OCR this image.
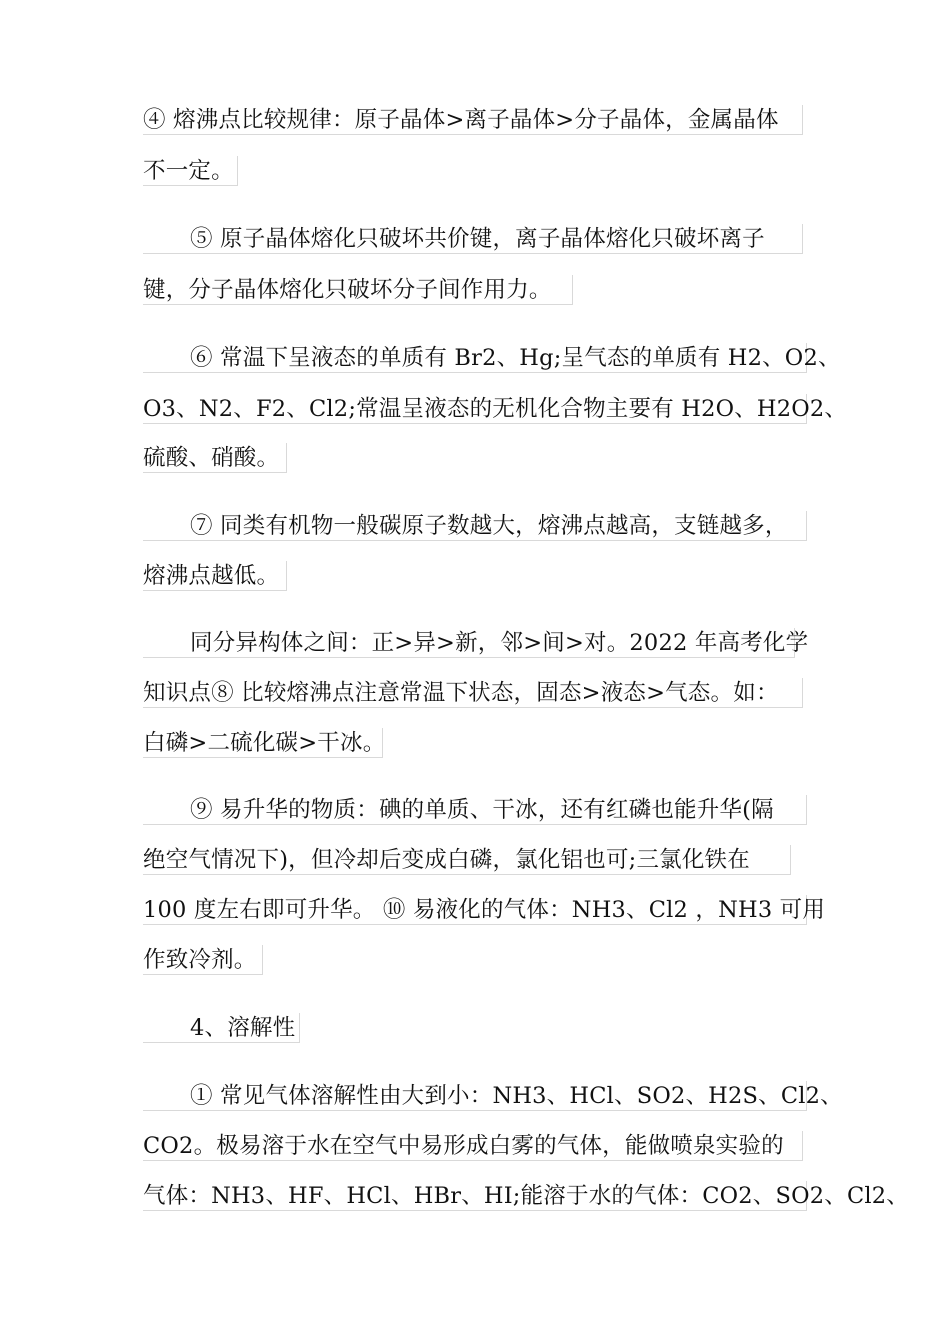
④ 熔沸点比较规律：原子晶体>离子晶体>分子晶体，金属晶体
不一定。
⑤ 原子晶体熔化只破坏共价键，离子晶体熔化只破坏离子
键，分子晶体熔化只破坏分子间作用力。
⑥ 常温下呈液态的单质有 Br2、Hg;呈气态的单质有 H2、O2、
O3、N2、F2、Cl2;常温呈液态的无机化合物主要有 H2O、H2O2、
硫酸、硝酸。
⑦ 同类有机物一般碳原子数越大，熔沸点越高，支链越多，
熔沸点越低。
同分异构体之间：正>异>新，邻>间>对。2022 年高考化学
知识点⑧ 比较熔沸点注意常温下状态，固态>液态>气态。如：
白磷>二硫化碳>干冰。
⑨ 易升华的物质：碘的单质、干冰，还有红磷也能升华(隔
绝空气情况下)，但冷却后变成白磷，氯化铝也可;三氯化铁在
100 度左右即可升华。 ⑩ 易液化的气体：NH3、Cl2 ，NH3 可用
作致冷剂。
4、溶解性
① 常见气体溶解性由大到小：NH3、HCl、SO2、H2S、Cl2、
CO2。极易溶于水在空气中易形成白雾的气体，能做喷泉实验的
气体：NH3、HF、HCl、HBr、HI;能溶于水的气体：CO2、SO2、Cl2、
